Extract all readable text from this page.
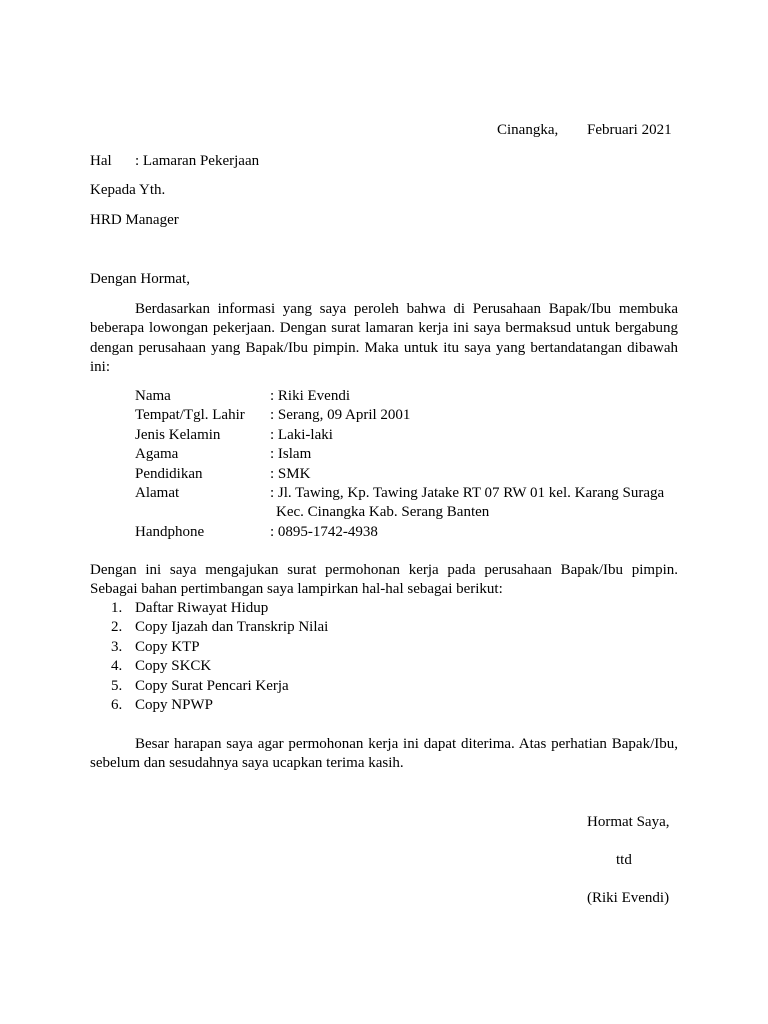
Cinangka, Februari 2021
Hal : Lamaran Pekerjaan
Kepada Yth.
HRD Manager
Dengan Hormat,

Berdasarkan informasi yang saya peroleh bahwa di Perusahaan Bapak/Ibu membuka beberapa lowongan pekerjaan. Dengan surat lamaran kerja ini saya bermaksud untuk bergabung dengan perusahaan yang Bapak/Ibu pimpin. Maka untuk itu saya yang bertandatangan dibawah ini:

Nama	: Riki Evendi
Tempat/Tgl. Lahir	: Serang, 09 April 2001
Jenis Kelamin	: Laki-laki
Agama	: Islam
Pendidikan	: SMK
Alamat	: Jl. Tawing, Kp. Tawing Jatake RT 07 RW 01 kel. Karang Suraga
Kec. Cinangka Kab. Serang Banten

Handphone	: 0895-1742-4938

Dengan ini saya mengajukan surat permohonan kerja pada perusahaan Bapak/Ibu pimpin. Sebagai bahan pertimbangan saya lampirkan hal-hal sebagai berikut:

1. Daftar Riwayat Hidup
2. Copy Ijazah dan Transkrip Nilai
3. Copy KTP
4. Copy SKCK
5. Copy Surat Pencari Kerja
6. Copy NPWP

Besar harapan saya agar permohonan kerja ini dapat diterima. Atas perhatian Bapak/Ibu, sebelum dan sesudahnya saya ucapkan terima kasih.

Hormat Saya,
ttd
(Riki Evendi)
